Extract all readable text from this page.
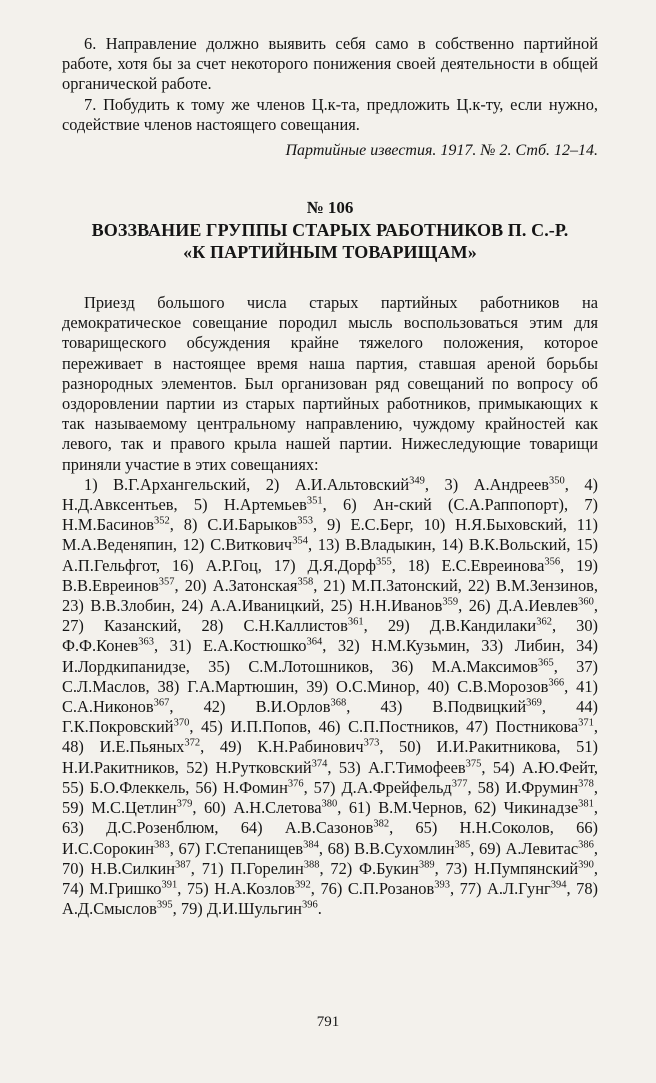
6. Направление должно выявить себя само в собственно партийной работе, хотя бы за счет некоторого понижения своей деятельности в общей органической работе.

7. Побудить к тому же членов Ц.к-та, предложить Ц.к-ту, если нужно, содействие членов настоящего совещания.

Партийные известия. 1917. № 2. Стб. 12–14.

№ 106

ВОЗЗВАНИЕ ГРУППЫ СТАРЫХ РАБОТНИКОВ П. С.-Р.

«К ПАРТИЙНЫМ ТОВАРИЩАМ»

Приезд большого числа старых партийных работников на демократическое совещание породил мысль воспользоваться этим для товарищеского обсуждения крайне тяжелого положения, которое переживает в настоящее время наша партия, ставшая ареной борьбы разнородных элементов. Был организован ряд совещаний по вопросу об оздоровлении партии из старых партийных работников, примыкающих к так называемому центральному направлению, чуждому крайностей как левого, так и правого крыла нашей партии. Нижеследующие товарищи приняли участие в этих совещаниях:

1) В.Г.Архангельский, 2) А.И.Альтовский$^{349}$, 3) А.Андреев$^{350}$, 4) Н.Д.Авксентьев, 5) Н.Артемьев$^{351}$, 6) Ан-ский (С.А.Раппопорт), 7) Н.М.Басинов$^{352}$, 8) С.И.Барыков$^{353}$, 9) Е.С.Берг, 10) Н.Я.Быховский, 11) М.А.Веденяпин, 12) С.Виткович$^{354}$, 13) В.Владыкин, 14) В.К.Вольский, 15) А.П.Гельфгот, 16) А.Р.Гоц, 17) Д.Я.Дорф$^{355}$, 18) Е.С.Евреинова$^{356}$, 19) В.В.Евреинов$^{357}$, 20) А.Затонская$^{358}$, 21) М.П.Затонский, 22) В.М.Зензинов, 23) В.В.Злобин, 24) А.А.Иваницкий, 25) Н.Н.Иванов$^{359}$, 26) Д.А.Иевлев$^{360}$, 27) Казанский, 28) С.Н.Каллистов$^{361}$, 29) Д.В.Кандилаки$^{362}$, 30) Ф.Ф.Конев$^{363}$, 31) Е.А.Костюшко$^{364}$, 32) Н.М.Кузьмин, 33) Либин, 34) И.Лордкипанидзе, 35) С.М.Лотошников, 36) М.А.Максимов$^{365}$, 37) С.Л.Маслов, 38) Г.А.Мартюшин, 39) О.С.Минор, 40) С.В.Морозов$^{366}$, 41) С.А.Никонов$^{367}$, 42) В.И.Орлов$^{368}$, 43) В.Подвицкий$^{369}$, 44) Г.К.Покровский$^{370}$, 45) И.П.Попов, 46) С.П.Постников, 47) Постникова$^{371}$, 48) И.Е.Пьяных$^{372}$, 49) К.Н.Рабинович$^{373}$, 50) И.И.Ракитникова, 51) Н.И.Ракитников, 52) Н.Рутковский$^{374}$, 53) А.Г.Тимофеев$^{375}$, 54) А.Ю.Фейт, 55) Б.О.Флеккель, 56) Н.Фомин$^{376}$, 57) Д.А.Фрейфельд$^{377}$, 58) И.Фрумин$^{378}$, 59) М.С.Цетлин$^{379}$, 60) А.Н.Слетова$^{380}$, 61) В.М.Чернов, 62) Чикинадзе$^{381}$, 63) Д.С.Розенблюм, 64) А.В.Сазонов$^{382}$, 65) Н.Н.Соколов, 66) И.С.Сорокин$^{383}$, 67) Г.Степанищев$^{384}$, 68) В.В.Сухомлин$^{385}$, 69) А.Левитас$^{386}$, 70) Н.В.Силкин$^{387}$, 71) П.Горелин$^{388}$, 72) Ф.Букин$^{389}$, 73) Н.Пумпянский$^{390}$, 74) М.Гришко$^{391}$, 75) Н.А.Козлов$^{392}$, 76) С.П.Розанов$^{393}$, 77) А.Л.Гунг$^{394}$, 78) А.Д.Смыслов$^{395}$, 79) Д.И.Шульгин$^{396}$.

791
